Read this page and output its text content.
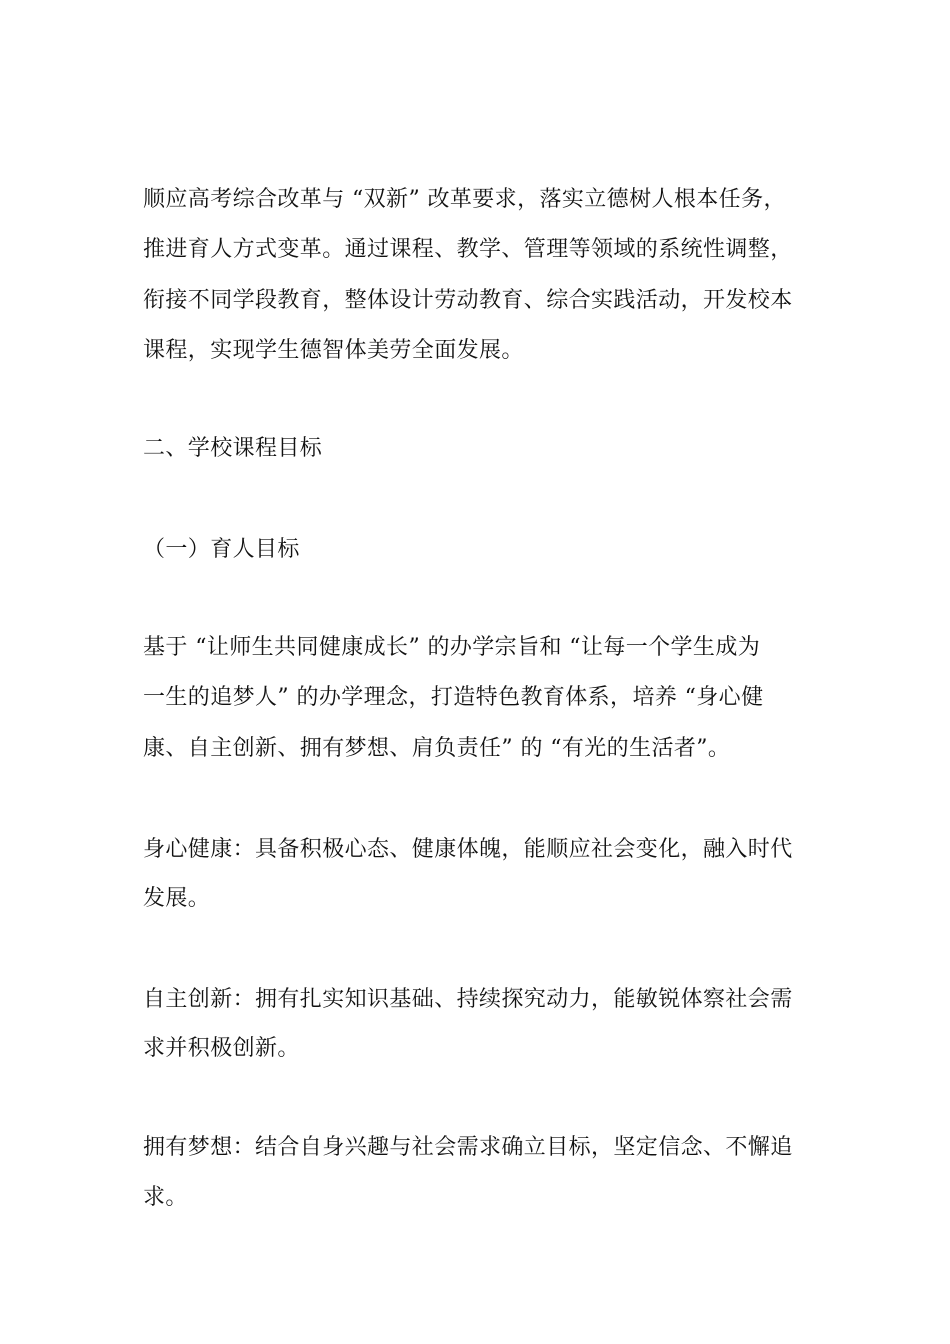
顺应高考综合改革与 “双新” 改革要求，落实立德树人根本任务，
推进育人方式变革。通过课程、教学、管理等领域的系统性调整，
衔接不同学段教育，整体设计劳动教育、综合实践活动，开发校本
课程，实现学生德智体美劳全面发展。
二、学校课程目标
（一）育人目标
基于 “让师生共同健康成长” 的办学宗旨和 “让每一个学生成为
一生的追梦人” 的办学理念，打造特色教育体系，培养 “身心健
康、自主创新、拥有梦想、肩负责任” 的 “有光的生活者”。
身心健康：具备积极心态、健康体魄，能顺应社会变化，融入时代
发展。
自主创新：拥有扎实知识基础、持续探究动力，能敏锐体察社会需
求并积极创新。
拥有梦想：结合自身兴趣与社会需求确立目标，坚定信念、不懈追
求。
